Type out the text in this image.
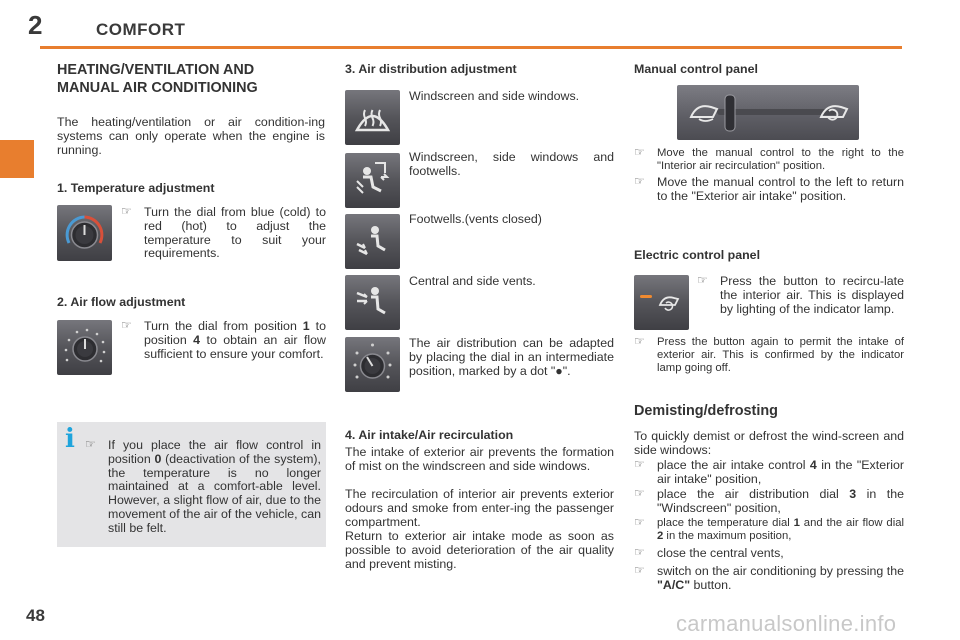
2	COMFORT
48	carmanualsonline.info
HEATING/VENTILATION AND
MANUAL AIR CONDITIONING
The heating/ventilation or air condition-ing systems can only operate when the engine is running.
1. Temperature adjustment
☞ Turn the dial from blue (cold) to red (hot) to adjust the temperature to suit your requirements.
2. Air flow adjustment
☞ Turn the dial from position 1 to position 4 to obtain an air flow sufficient to ensure your comfort.
i ☞ If you place the air flow control in position 0 (deactivation of the system), the temperature is no longer maintained at a comfort-able level. However, a slight flow of air, due to the movement of the air of the vehicle, can still be felt.
3. Air distribution adjustment
Windscreen and side windows.
Windscreen, side windows and footwells.
Footwells.(vents closed)
Central and side vents.
The air distribution can be adapted by placing the dial in an intermediate position, marked by a dot "●".
4. Air intake/Air recirculation
The intake of exterior air prevents the formation of mist on the windscreen and side windows.
The recirculation of interior air prevents exterior odours and smoke from enter-ing the passenger compartment.
Return to exterior air intake mode as soon as possible to avoid deterioration of the air quality and prevent misting.
Manual control panel
☞ Move the manual control to the right to the "Interior air recirculation" position.
☞ Move the manual control to the left to return to the "Exterior air intake" position.
Electric control panel
☞ Press the button to recircu-late the interior air. This is displayed by lighting of the indicator lamp.
☞ Press the button again to permit the intake of exterior air. This is confirmed by the indicator lamp going off.
Demisting/defrosting
To quickly demist or defrost the wind-screen and side windows:
☞ place the air intake control 4 in the "Exterior air intake" position,
☞ place the air distribution dial 3 in the "Windscreen" position,
☞ place the temperature dial 1 and the air flow dial 2 in the maximum position,
☞ close the central vents,
☞ switch on the air conditioning by pressing the "A/C" button.
